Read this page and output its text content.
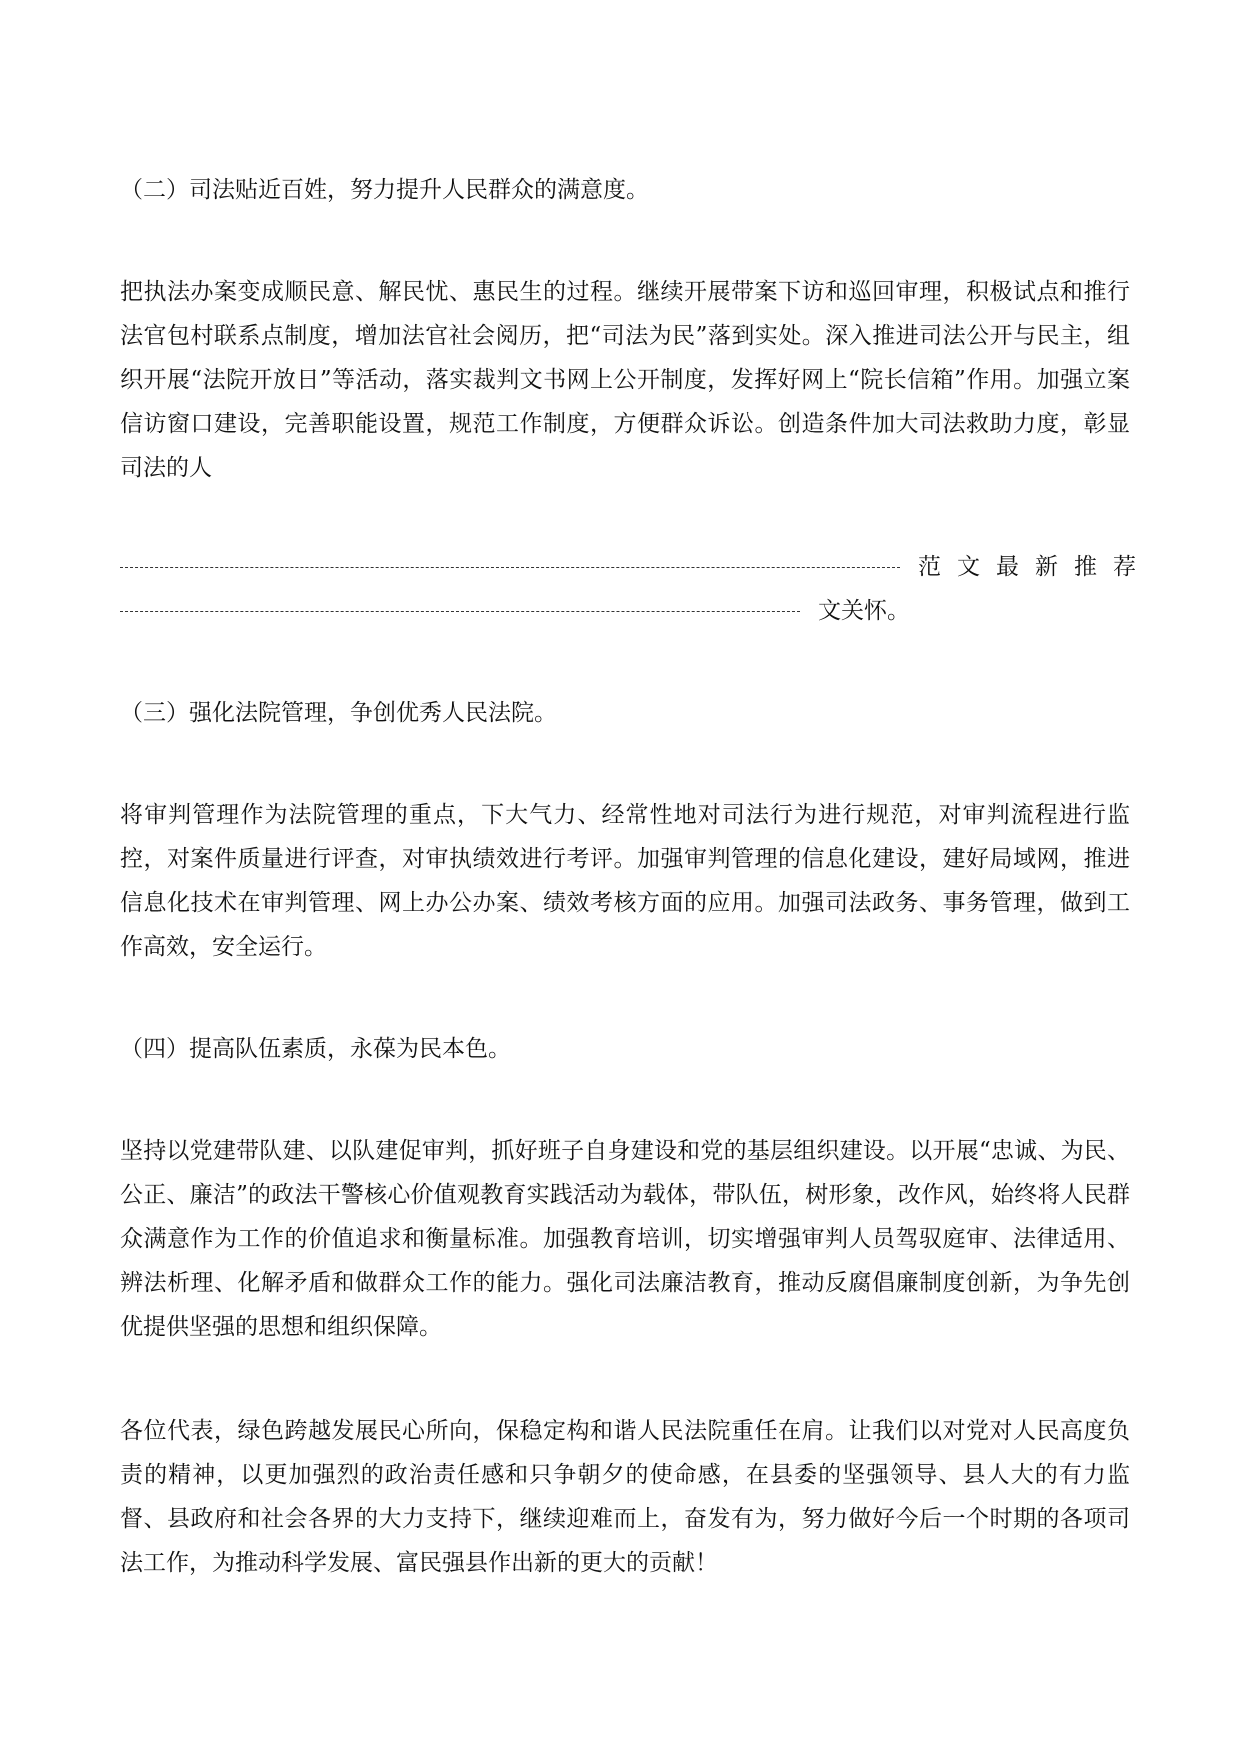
（二）司法贴近百姓，努力提升人民群众的满意度。

把执法办案变成顺民意、解民忧、惠民生的过程。继续开展带案下访和巡回审理，积极试点和推行法官包村联系点制度，增加法官社会阅历，把“司法为民”落到实处。深入推进司法公开与民主，组织开展“法院开放日”等活动，落实裁判文书网上公开制度，发挥好网上“院长信箱”作用。加强立案信访窗口建设，完善职能设置，规范工作制度，方便群众诉讼。创造条件加大司法救助力度，彰显司法的人

范文最新推荐
文关怀。

（三）强化法院管理，争创优秀人民法院。

将审判管理作为法院管理的重点，下大气力、经常性地对司法行为进行规范，对审判流程进行监控，对案件质量进行评查，对审执绩效进行考评。加强审判管理的信息化建设，建好局域网，推进信息化技术在审判管理、网上办公办案、绩效考核方面的应用。加强司法政务、事务管理，做到工作高效，安全运行。

（四）提高队伍素质，永葆为民本色。

坚持以党建带队建、以队建促审判，抓好班子自身建设和党的基层组织建设。以开展“忠诚、为民、公正、廉洁”的政法干警核心价值观教育实践活动为载体，带队伍，树形象，改作风，始终将人民群众满意作为工作的价值追求和衡量标准。加强教育培训，切实增强审判人员驾驭庭审、法律适用、辨法析理、化解矛盾和做群众工作的能力。强化司法廉洁教育，推动反腐倡廉制度创新，为争先创优提供坚强的思想和组织保障。

各位代表，绿色跨越发展民心所向，保稳定构和谐人民法院重任在肩。让我们以对党对人民高度负责的精神，以更加强烈的政治责任感和只争朝夕的使命感，在县委的坚强领导、县人大的有力监督、县政府和社会各界的大力支持下，继续迎难而上，奋发有为，努力做好今后一个时期的各项司法工作，为推动科学发展、富民强县作出新的更大的贡献！
